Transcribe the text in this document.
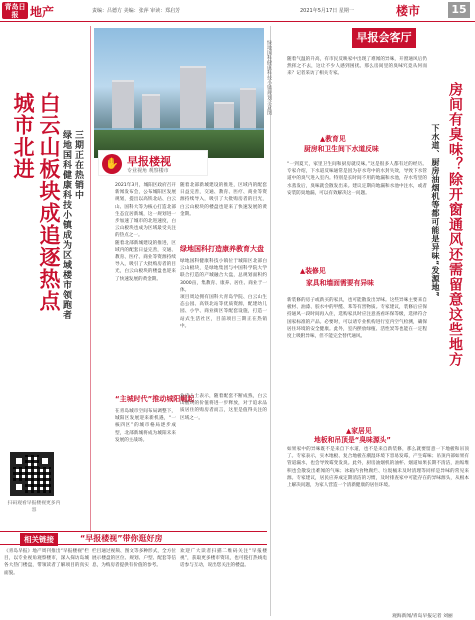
青岛日报 地产	责编：吕德方 美编：张萍 审读：郑启芳	2021年5月17日 星期一	楼市	15
城市北进 白云山板块成追逐热点 绿地国科健康科技小镇成为区域楼市领跑者 三期正在热销中
绿地国科健康科技小镇规划示意图
✋ 早报楼视
专业视角 观察楼市

2021年3月，城阳区政府召开新闻发布会，公布城阳区发展规划，提出以高铁北站、白云山、国科大等为核心打造北部生态宜居新城，这一规划进一步加速了城市的北进速度，白云山板块也成为区域最受关注的热点之一。

随着北部新城建设的推进，区域内的配套日益完善，交通、教育、医疗、商业等资源持续导入，吸引了大批购房者的目光，白云山板块的楼盘也迎来了快速发展的黄金期。

随着北部新城建设的推进，区域内的配套日益完善，交通、教育、医疗、商业等资源持续导入，吸引了大批购房者的目光，白云山板块的楼盘也迎来了快速发展的黄金期。

绿地国科打造康养教育大盘

绿地国科健康科技小镇位于城阳区北部白云山板块，是绿地集团与中国科学院大学联合打造的产城融合大盘，总规划面积约3000亩，集教育、康养、居住、商业于一体。

项目周边拥有国科大青岛学院、白云山生态公园、高铁北站等优质资源，配建幼儿园、小学、商业街区等配套设施，打造一站式生活社区，目前项目三期正在热销中。

“主城时代”推动城阳崛起

在青岛城市空间布局调整下，城阳区发展迎来新机遇，“一核四区”的城市格局逐步成型，北部新城将成为城阳未来发展的主战场。

业内人士表示，随着配套不断成熟，白云山板块的价值将进一步释放，对于追求品质居住的购房者而言，这里是值得关注的区域之一。

扫码观看早报楼视更多内容
相关链接	“早报楼视”带你逛好房
《青岛早报》地产周刊推出“早报楼视”栏目，以专业视角观察楼市，深入探访岛城各大热门楼盘，带领读者了解项目的真实面貌。
栏目通过视频、图文等多种形式，全方位展示楼盘的区位、规划、户型、配套等信息，为购房者提供有价值的参考。
欢迎广大读者扫描二维码关注“早报楼视”，获取更多楼市资讯，也可拨打热线电话参与互动，说出您关注的楼盘。
早报会客厅
房间有臭味？除开窗通风还需留意这些地方
下水道、厨房油烟机等都可能是异味“发源地”
随着气温的升高，有市民反映家中出现了难闻的异味，开窗通风后仍然挥之不去，这让不少人感到困扰。那么房间里的臭味究竟从何而来？记者采访了相关专家。
▲教育见
厨房和卫生间下水道反味
“一到夏天，家里卫生间和厨房就反味。”这是很多人都有过的经历。专家介绍，下水道反味通常是因为存水弯中的水封失效，导致下水管道中的臭气进入室内。特别是长时间不用的地漏和水池，存水弯里的水蒸发后，臭味就会散发出来。建议定期向地漏和水池中注水，或者安装防臭地漏，可以有效解决这一问题。
▲装修见
家具和墙面需要有异味
新装修的房子或新买的家具，也可能散发出异味。这些异味主要来自板材、油漆、胶水中的甲醛、苯等有害物质。专家建议，装修后应保持通风一段时间再入住，选购家具时应注意查看环保等级，选择符合国家标准的产品。必要时，可以请专业机构进行室内空气检测，确保居住环境的安全健康。此外，室内摆放绿植、活性炭等也能在一定程度上吸附异味，但不能完全替代通风。
▲家居见
地板和吊顶是“臭味源头”
如果家中的异味既不是来自下水道，也不是来自新装修，那么就要留意一下地板和吊顶了。专家表示，实木地板、复合地板在潮湿环境下容易发霉，产生霉味；吊顶内部如果有管道漏水，也会导致霉变发臭。此外，厨房油烟机的油杯、烟道如果长期不清洁，油垢堆积也会散发出难闻的气味；冰箱内食物腐烂、垃圾桶未及时清理等同样是异味的常见来源。专家建议，居民应养成定期清洁的习惯，及时排查家中可能存在的异味源头，从根本上解决问题，为家人营造一个清新健康的居住环境。
观海新闻/青岛早报记者 刘丽
